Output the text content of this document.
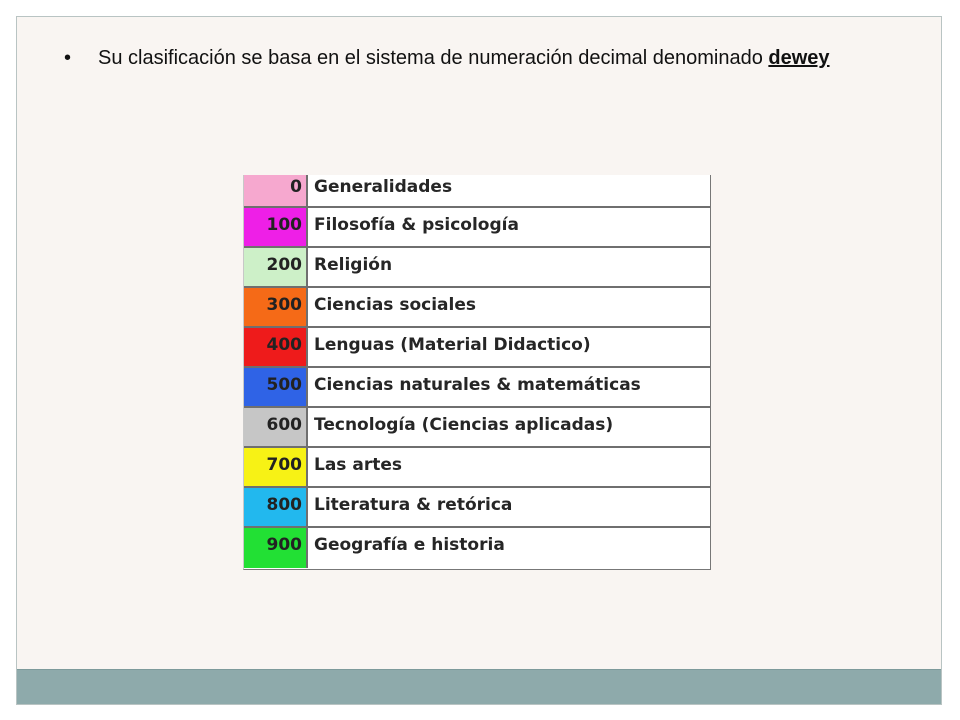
•	Su clasificación se basa en el sistema de numeración decimal denominado dewey
0 Generalidades
100 Filosofía & psicología
200 Religión
300 Ciencias sociales
400 Lenguas (Material Didactico)
500 Ciencias naturales & matemáticas
600 Tecnología (Ciencias aplicadas)
700 Las artes
800 Literatura & retórica
900 Geografía e historia
